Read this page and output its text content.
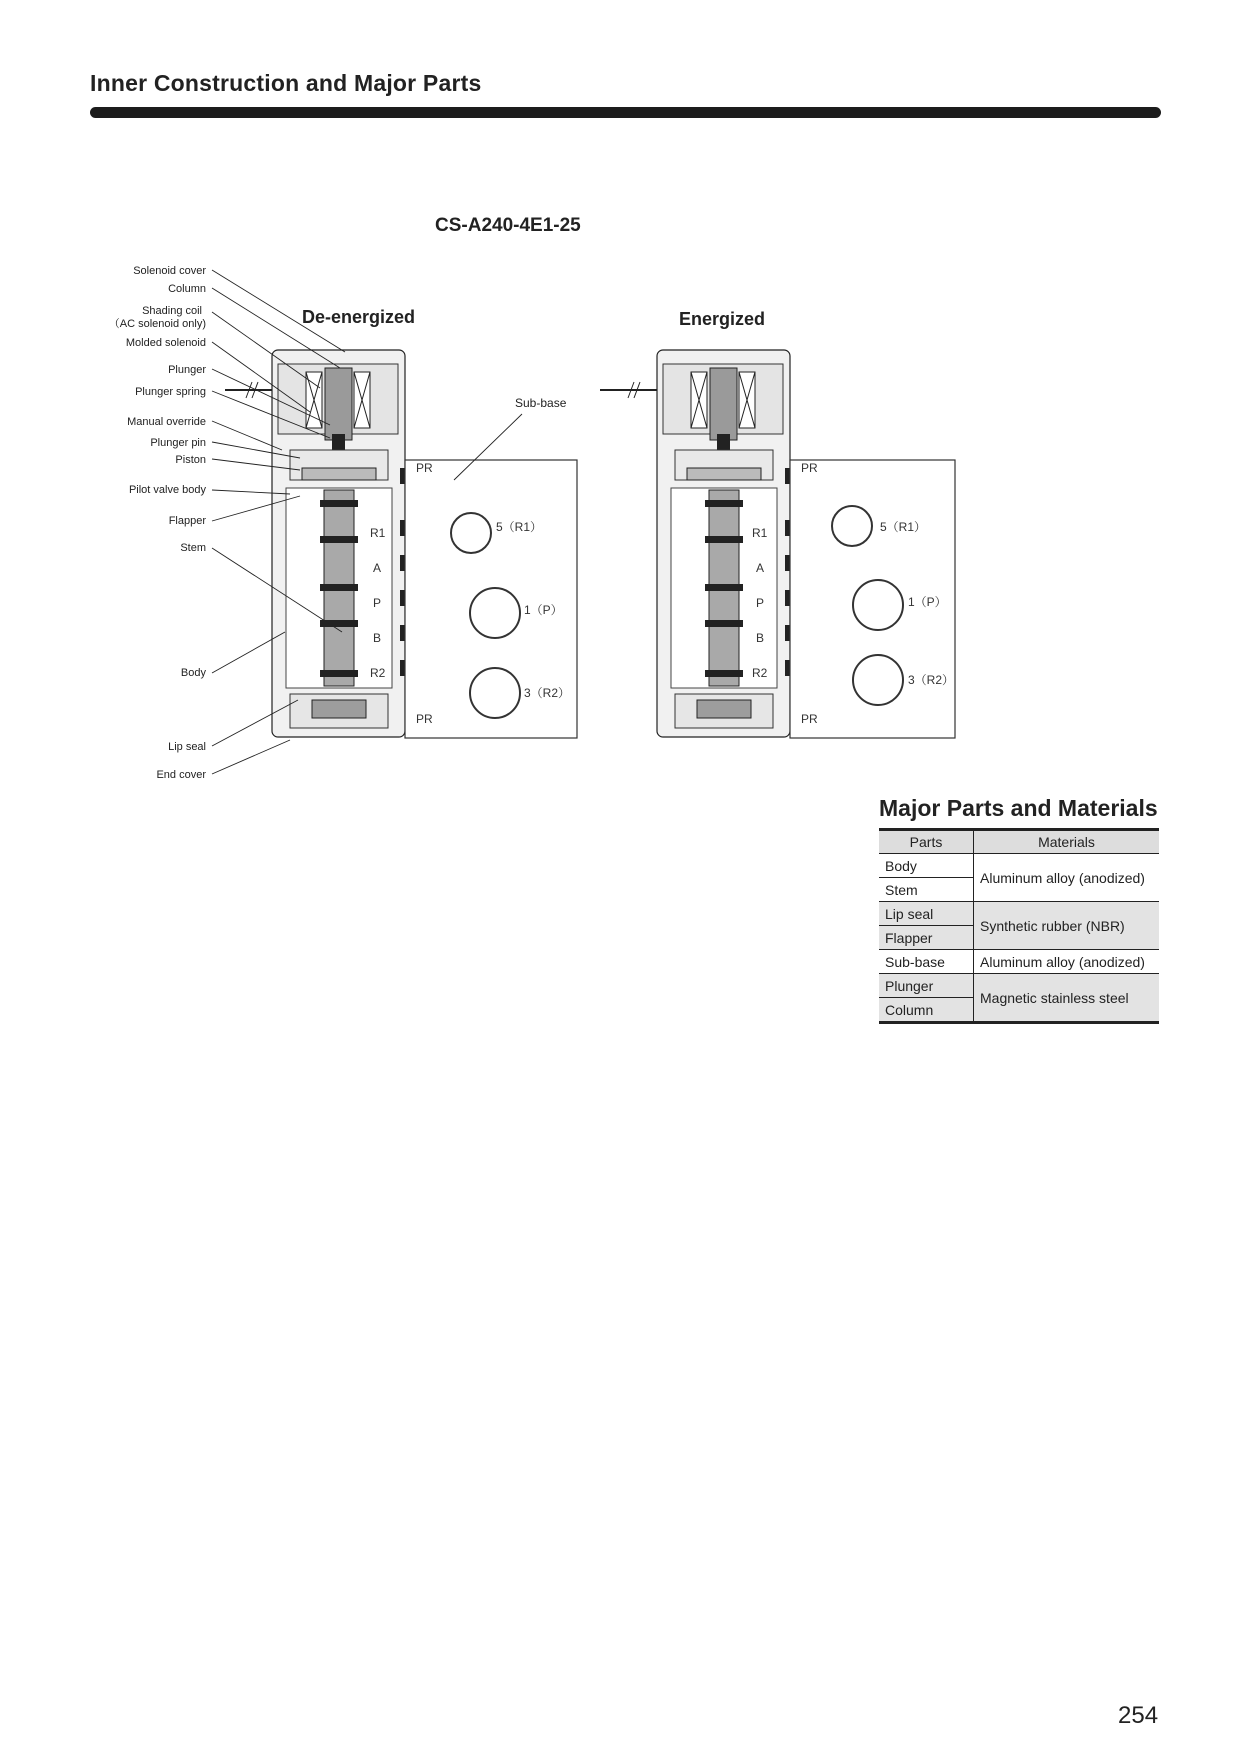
Inner Construction and Major Parts
CS-A240-4E1-25
De-energized	Energized
Solenoid cover
Column
Shading coil
（AC solenoid only)
Molded solenoid
Plunger
Plunger spring
Manual override
Plunger pin
Piston
Pilot valve body
Flapper
Stem
Body
Lip seal
End cover
Sub-base
PR
R1
A
P
B
R2
PR
5（R1）
1（P）
3（R2）
PR
R1
A
P
B
R2
PR
5（R1）
1（P）
3（R2）
Major Parts and Materials
Parts	Materials
Body	Aluminum alloy (anodized)
Stem	
Lip seal	Synthetic rubber (NBR)
Flapper	
Sub-base	Aluminum alloy (anodized)
Plunger	Magnetic stainless steel
Column	
254
